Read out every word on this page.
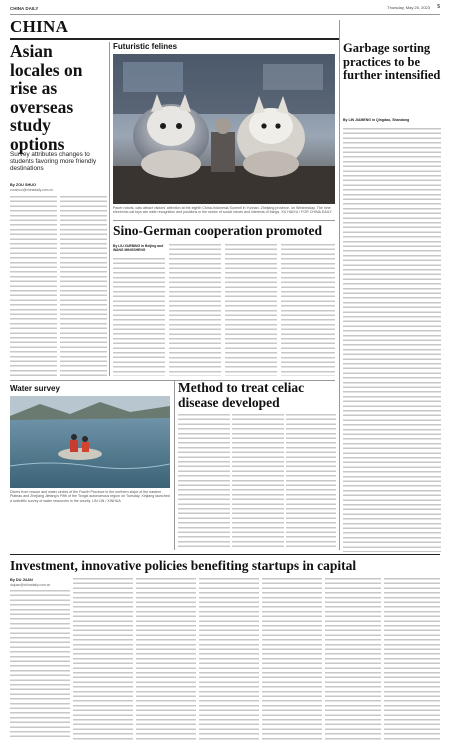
CHINA DAILY	Thursday, May 25, 2023 5
CHINA
Asian locales on rise as overseas study options
Survey attributes changes to students favoring more friendly destinations
By ZOU SHUO
zoushuo@chinadaily.com.cn
Futuristic felines
Pacer robots, cats attract visitors' attention at the eighth China-Indonesia Summit in Yunnan. Zhejiang province, on Wednesday. The nine electronic cat toys win wide recognition and positions in the sector of social robots and interests of things. XU HAIXU / FOR CHINA DAILY
Sino-German cooperation promoted
By LIU XUEBING in Beijing and WANG MINGSHENG
Garbage sorting practices to be further intensified
By LIN JIAMENG in Qingdao, Shandong
Water survey
Divers from rescue and water circles of the Fourth Province in the northern slope of the eastern Plateau and Zhejiang Jiefang's Fifth of the Tongzi autonomous region on Tuesday. Xinjiang launched a scientific survey of water resources in the county. LIN LIN / XINHUA
Method to treat celiac disease developed
Investment, innovative policies benefiting startups in capital
By DU JUAN
dujuan@chinadaily.com.cn
